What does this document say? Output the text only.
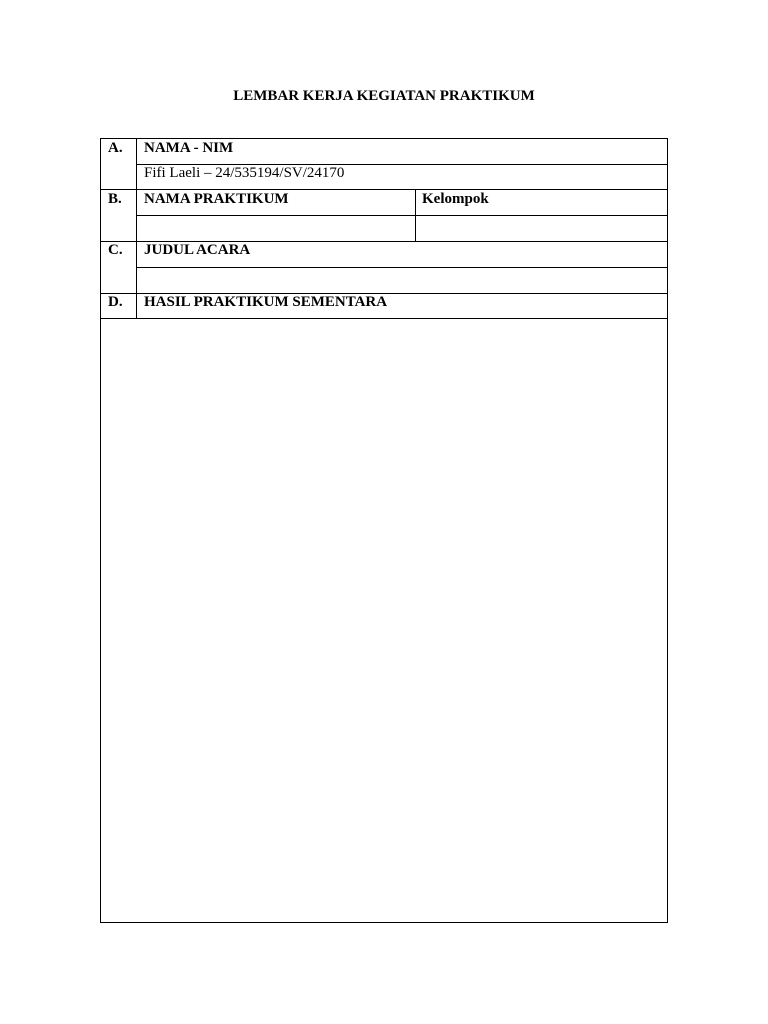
LEMBAR KERJA KEGIATAN PRAKTIKUM
A. NAMA - NIM
Fifi Laeli – 24/535194/SV/24170
B. NAMA PRAKTIKUM	Kelompok
C. JUDUL ACARA
D. HASIL PRAKTIKUM SEMENTARA
